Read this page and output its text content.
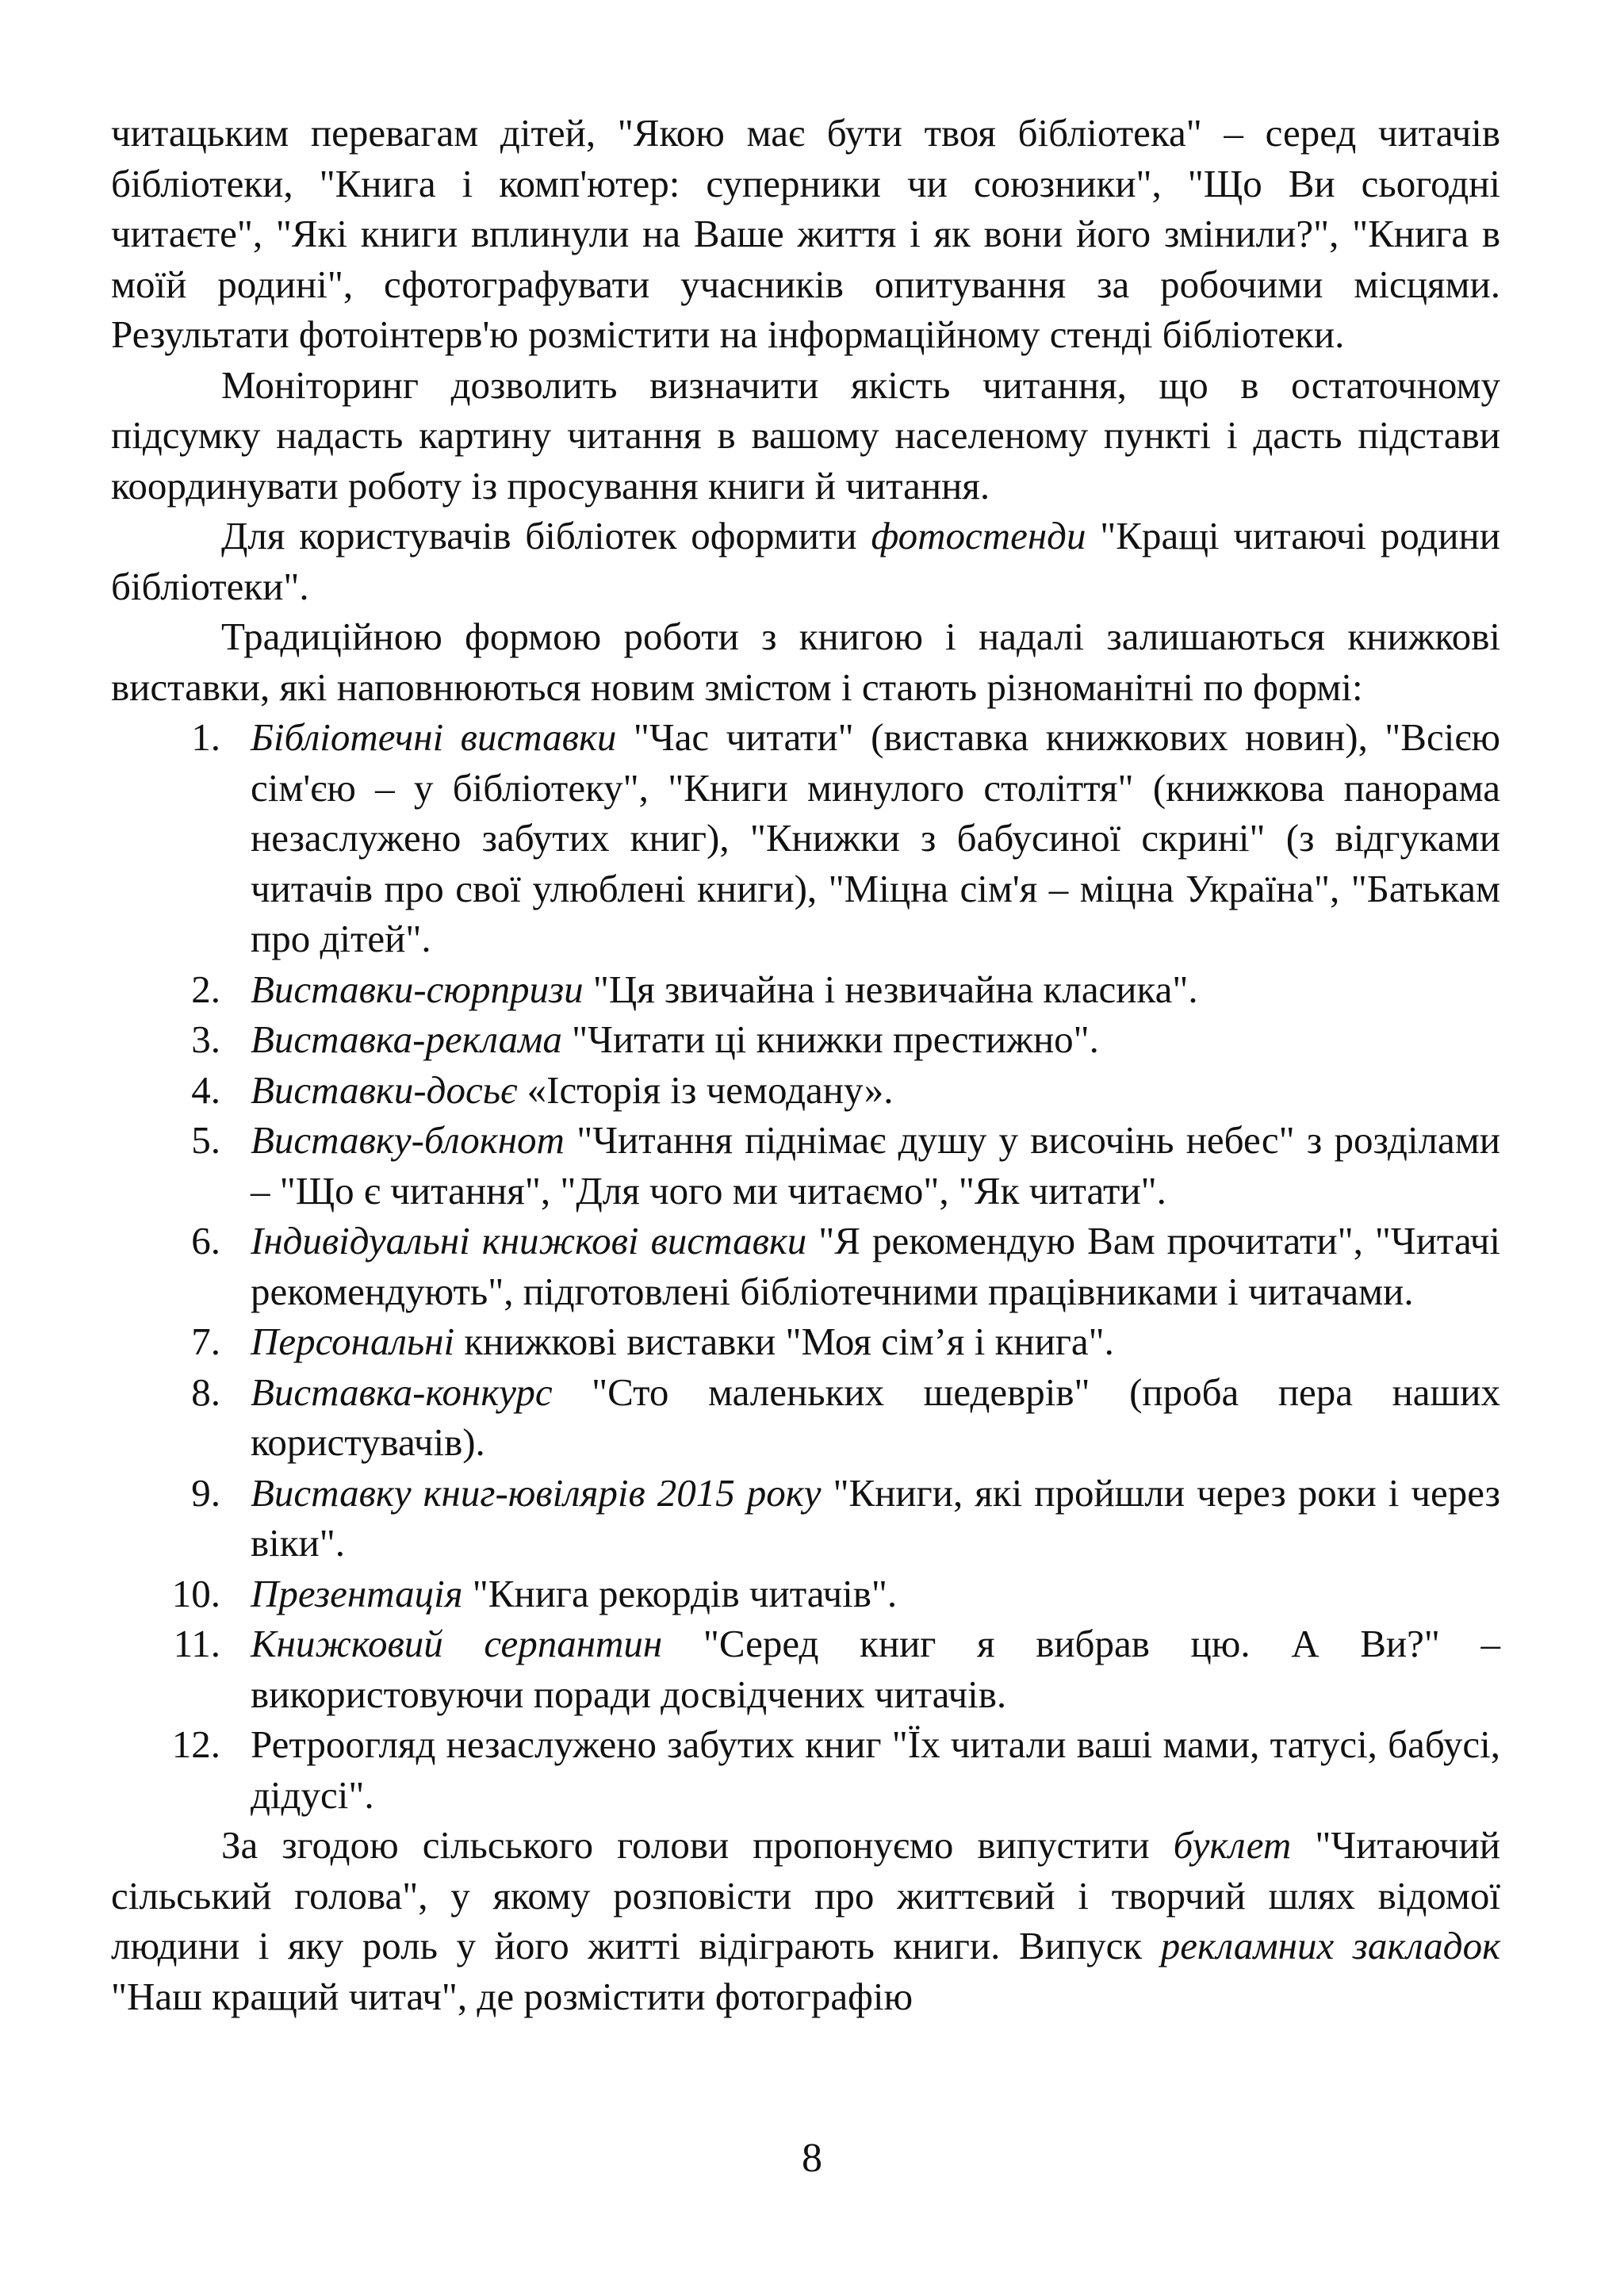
читацьким перевагам дітей, "Якою має бути твоя бібліотека" – серед читачів бібліотеки, "Книга і комп'ютер: суперники чи союзники", "Що Ви сьогодні читаєте", "Які книги вплинули на Ваше життя і як вони його змінили?", "Книга в моїй родині", сфотографувати учасників опитування за робочими місцями. Результати фотоінтерв'ю розмістити на інформаційному стенді бібліотеки.

Моніторинг дозволить визначити якість читання, що в остаточному підсумку надасть картину читання в вашому населеному пункті і дасть підстави координувати роботу із просування книги й читання.

Для користувачів бібліотек оформити фотостенди "Кращі читаючі родини бібліотеки".

Традиційною формою роботи з книгою і надалі залишаються книжкові виставки, які наповнюються новим змістом і стають різноманітні по формі:

1. Бібліотечні виставки "Час читати" (виставка книжкових новин), "Всією сім'єю – у бібліотеку", "Книги минулого століття" (книжкова панорама незаслужено забутих книг), "Книжки з бабусиної скрині" (з відгуками читачів про свої улюблені книги), "Міцна сім'я – міцна Україна", "Батькам про дітей".
2. Виставки-сюрпризи "Ця звичайна і незвичайна класика".
3. Виставка-реклама "Читати ці книжки престижно".
4. Виставки-досьє «Історія із чемодану».
5. Виставку-блокнот "Читання піднімає душу у височінь небес" з розділами – "Що є читання", "Для чого ми читаємо", "Як читати".
6. Індивідуальні книжкові виставки "Я рекомендую Вам прочитати", "Читачі рекомендують", підготовлені бібліотечними працівниками і читачами.
7. Персональні книжкові виставки "Моя сім’я і книга".
8. Виставка-конкурс "Сто маленьких шедеврів" (проба пера наших користувачів).
9. Виставку книг-ювілярів 2015 року "Книги, які пройшли через роки і через віки".
10. Презентація "Книга рекордів читачів".
11. Книжковий серпантин "Серед книг я вибрав цю. А Ви?" – використовуючи поради досвідчених читачів.
12. Ретроогляд незаслужено забутих книг "Їх читали ваші мами, татусі, бабусі, дідусі".

За згодою сільського голови пропонуємо випустити буклет "Читаючий сільський голова", у якому розповісти про життєвий і творчий шлях відомої людини і яку роль у його житті відіграють книги. Випуск рекламних закладок "Наш кращий читач", де розмістити фотографію

8
